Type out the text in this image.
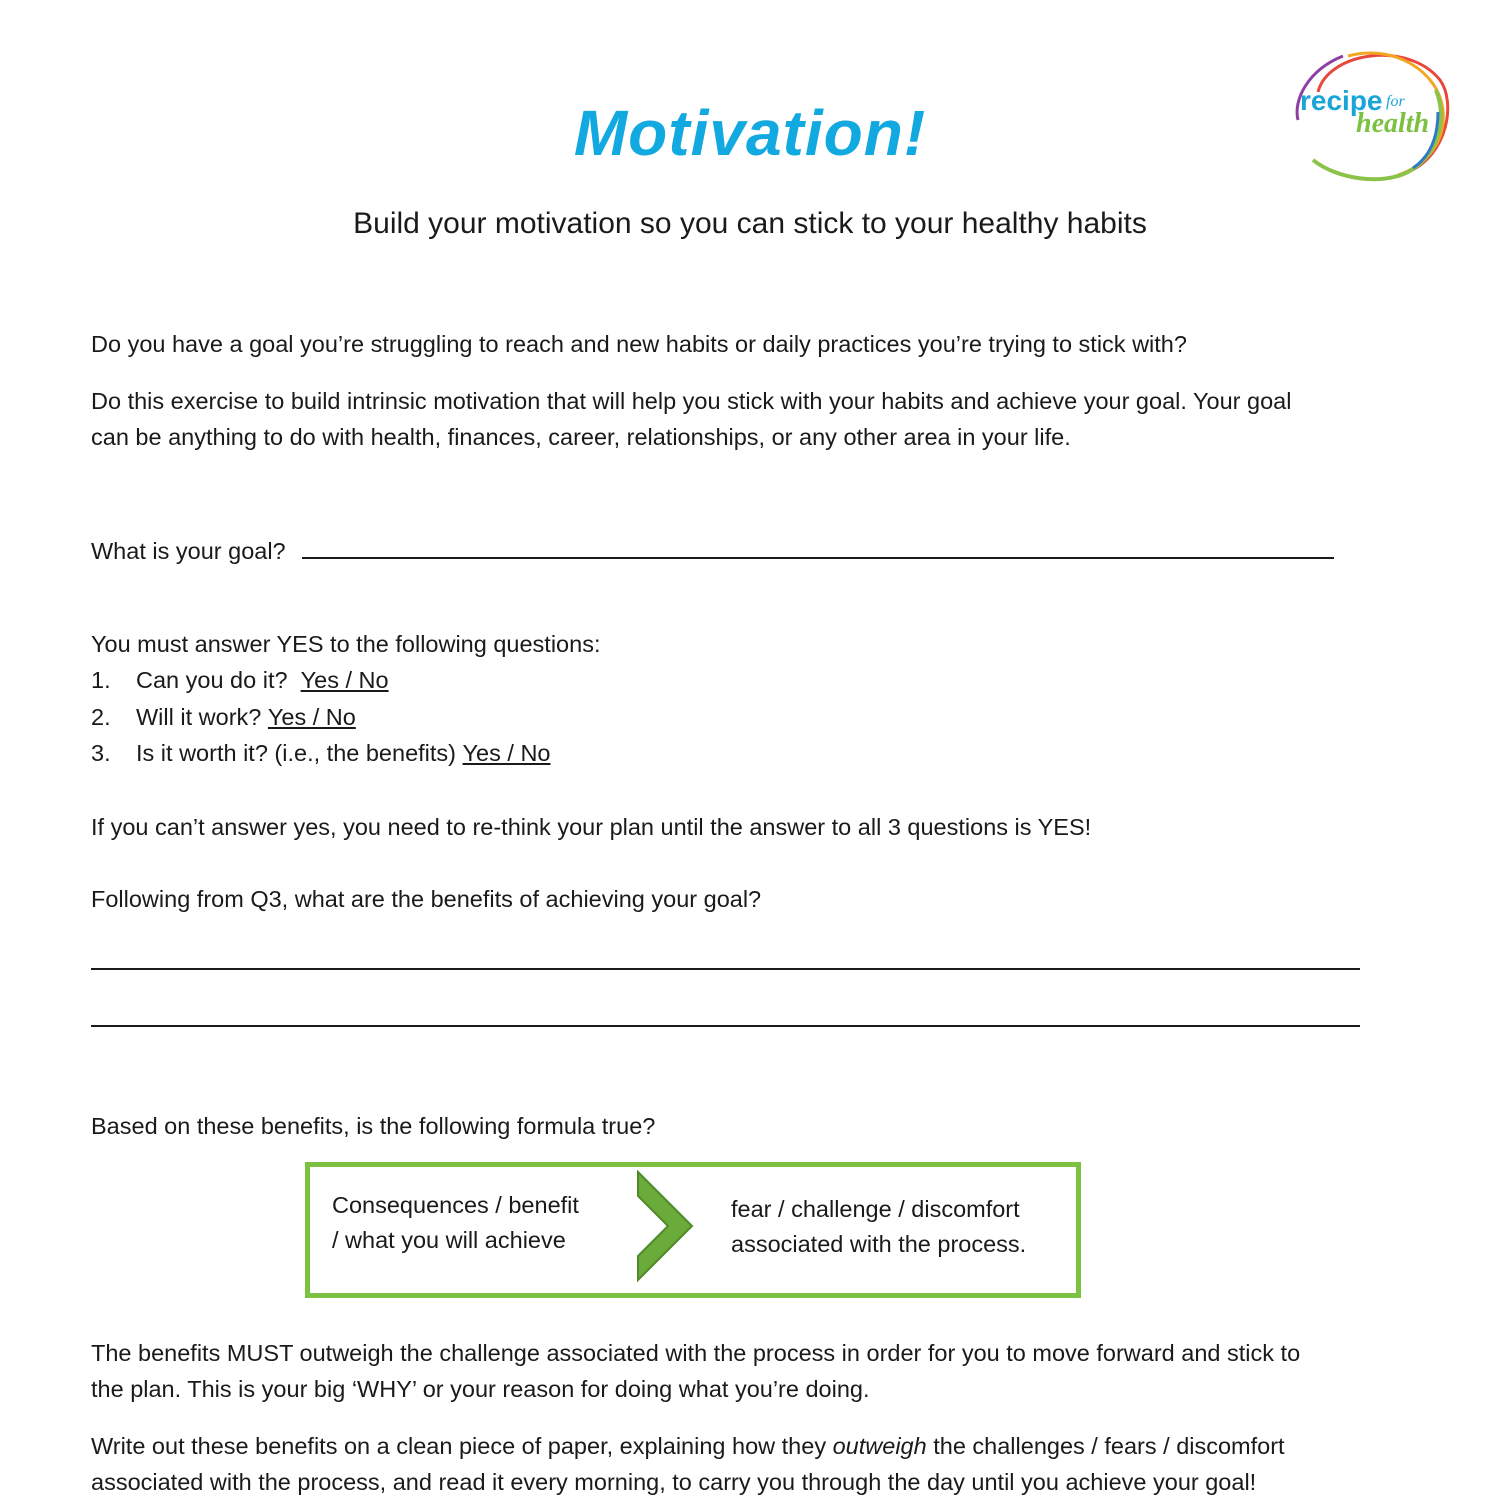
recipe for
health
Motivation!
Build your motivation so you can stick to your healthy habits
Do you have a goal you’re struggling to reach and new habits or daily practices you’re trying to stick with?
Do this exercise to build intrinsic motivation that will help you stick with your habits and achieve your goal. Your goal
can be anything to do with health, finances, career, relationships, or any other area in your life.
What is your goal?
You must answer YES to the following questions:
1. Can you do it? Yes / No
2. Will it work? Yes / No
3. Is it worth it? (i.e., the benefits) Yes / No
If you can’t answer yes, you need to re-think your plan until the answer to all 3 questions is YES!
Following from Q3, what are the benefits of achieving your goal?
Based on these benefits, is the following formula true?
Consequences / benefit
/ what you will achieve
fear / challenge / discomfort
associated with the process.
The benefits MUST outweigh the challenge associated with the process in order for you to move forward and stick to
the plan. This is your big ‘WHY’ or your reason for doing what you’re doing.
Write out these benefits on a clean piece of paper, explaining how they outweigh the challenges / fears / discomfort
associated with the process, and read it every morning, to carry you through the day until you achieve your goal!
